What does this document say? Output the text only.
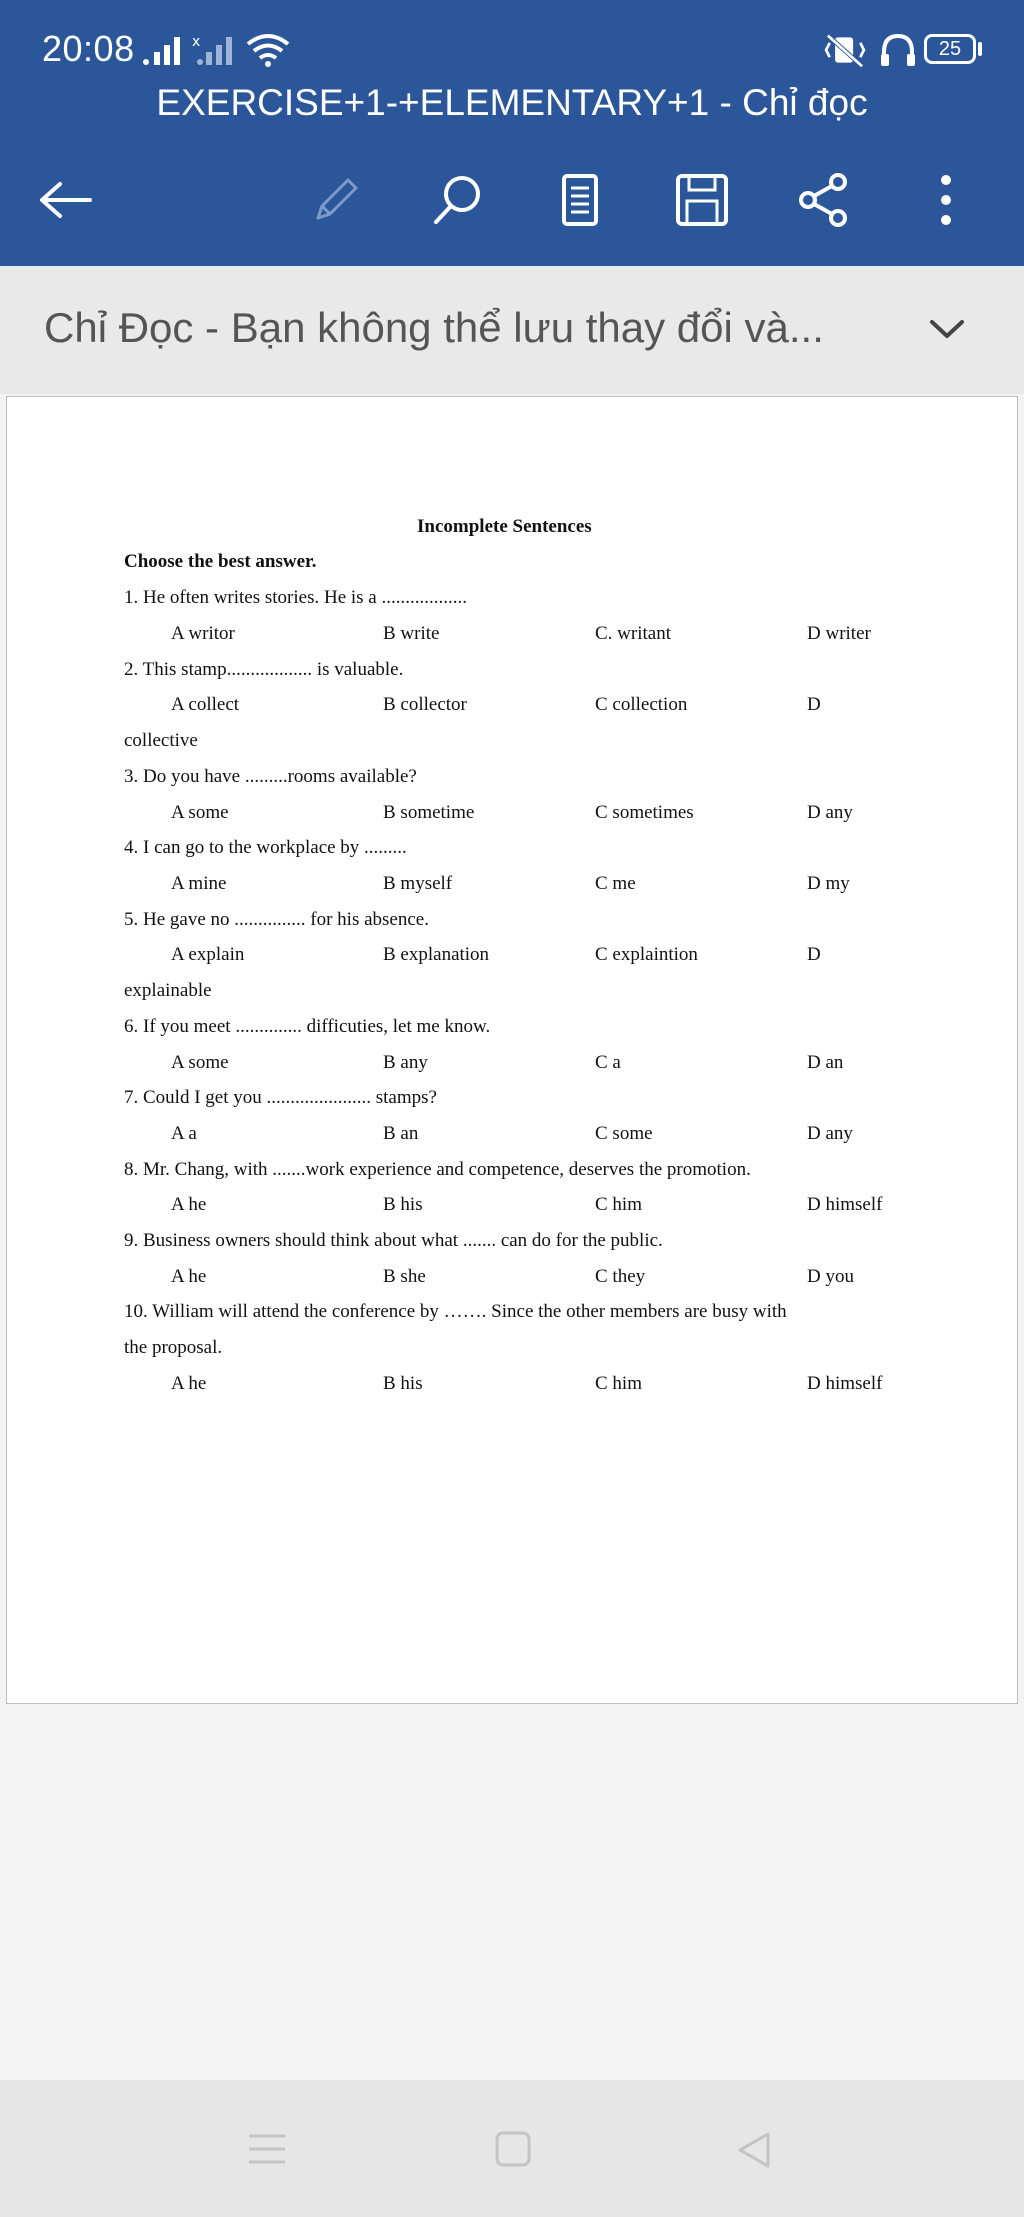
20:08	x	25
EXERCISE+1-+ELEMENTARY+1 - Chỉ đọc
Chỉ Đọc - Bạn không thể lưu thay đổi và...
Incomplete Sentences
Choose the best answer.
1. He often writes stories. He is a ..................
A writor	B write	C. writant	D writer
2. This stamp.................. is valuable.
A collect	B collector	C collection	D
collective
3. Do you have .........rooms available?
A some	B sometime	C sometimes	D any
4. I can go to the workplace by .........
A mine	B myself	C me	D my
5. He gave no ............... for his absence.
A explain	B explanation	C explaintion	D
explainable
6. If you meet .............. difficuties, let me know.
A some	B any	C a	D an
7. Could I get you ...................... stamps?
A a	B an	C some	D any
8. Mr. Chang, with .......work experience and competence, deserves the promotion.
A he	B his	C him	D himself
9. Business owners should think about what ....... can do for the public.
A he	B she	C they	D you
10. William will attend the conference by ……. Since the other members are busy with
the proposal.
A he	B his	C him	D himself
